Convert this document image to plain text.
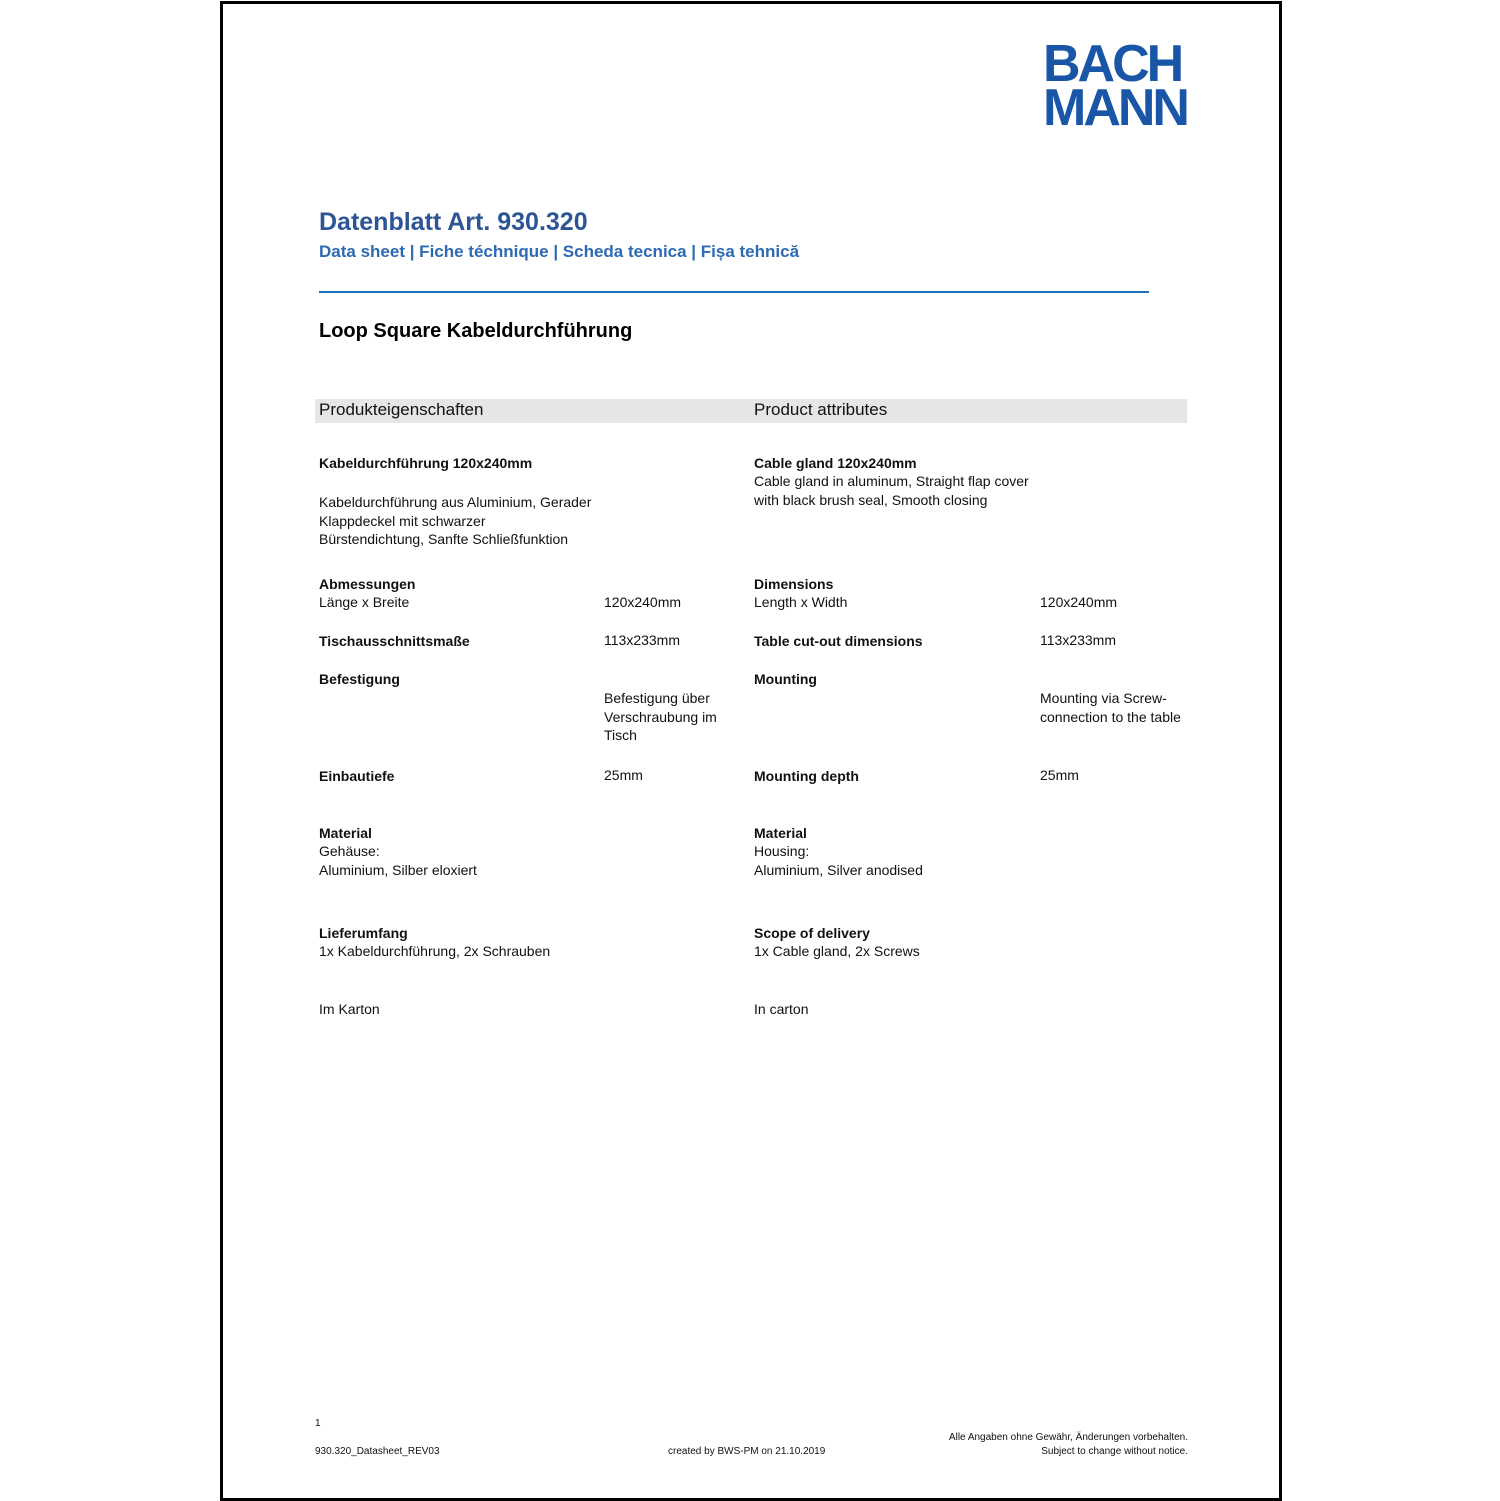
BACH
MANN
Datenblatt Art. 930.320
Data sheet | Fiche téchnique | Scheda tecnica | Fișa tehnică
Loop Square Kabeldurchführung
Produkteigenschaften	Product attributes
Kabeldurchführung 120x240mm
Kabeldurchführung aus Aluminium, Gerader
Klappdeckel mit schwarzer
Bürstendichtung, Sanfte Schließfunktion
Abmessungen
Länge x Breite	120x240mm
Tischausschnittsmaße	113x233mm
Befestigung
Befestigung über
Verschraubung im
Tisch
Einbautiefe	25mm
Material
Gehäuse:
Aluminium, Silber eloxiert
Lieferumfang
1x Kabeldurchführung, 2x Schrauben
Im Karton
Cable gland 120x240mm
Cable gland in aluminum, Straight flap cover
with black brush seal, Smooth closing
Dimensions
Length x Width	120x240mm
Table cut-out dimensions	113x233mm
Mounting
Mounting via Screw-
connection to the table
Mounting depth	25mm
Material
Housing:
Aluminium, Silver anodised
Scope of delivery
1x Cable gland, 2x Screws
In carton
1
930.320_Datasheet_REV03	created by BWS-PM on 21.10.2019
Alle Angaben ohne Gewähr, Änderungen vorbehalten.
Subject to change without notice.
